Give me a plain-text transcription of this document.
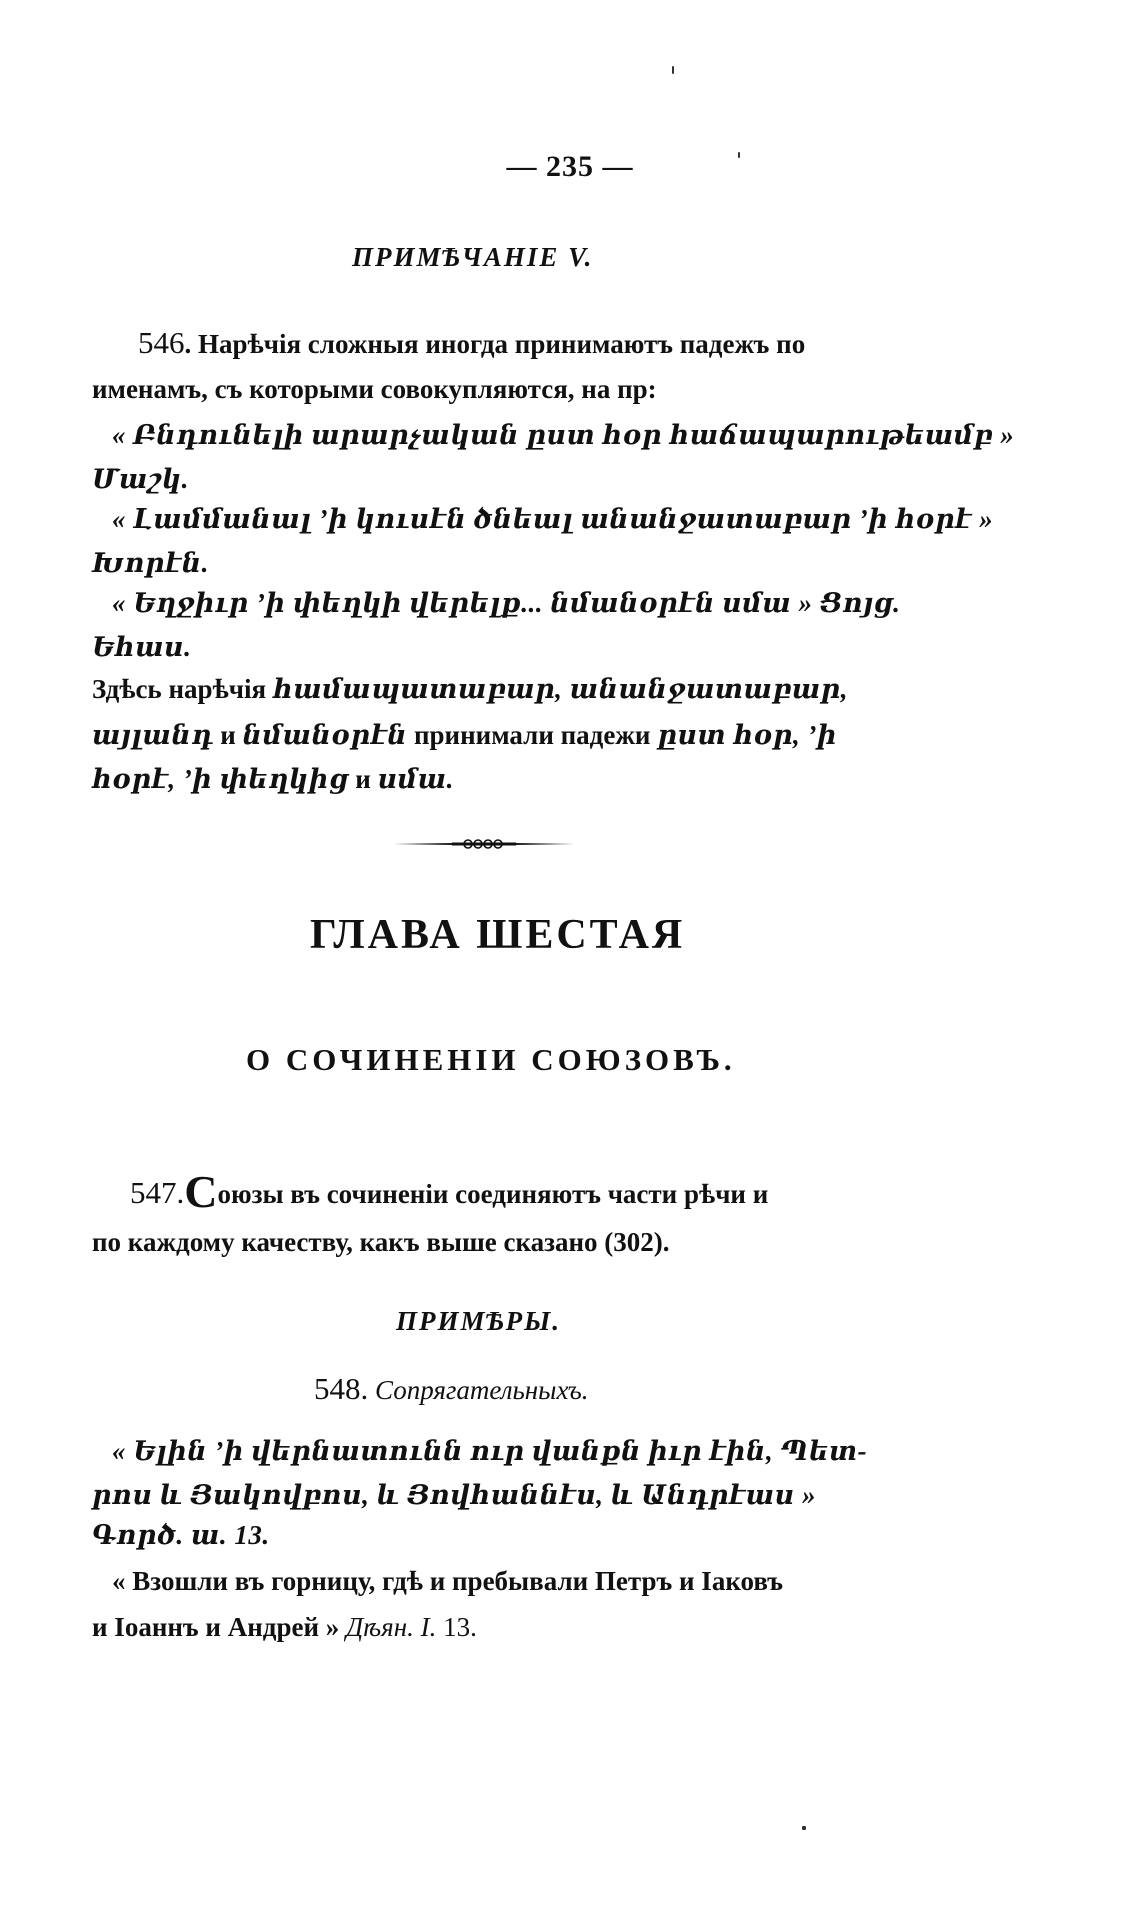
— 235 —
ПРИМѢЧАНІЕ V.
546. Нарѣчія сложныя иногда принимаютъ падежъ по
именамъ, съ которыми совокупляются, на пр:
« Բնդունելի արարչական ըստ հօր հաճապարութեամբ »
Մաշկ.
« Լամմանալ ’ի կուսէն ծնեալ անանջատաբար ’ի հօրէ »
Խորէն.
« Եղջիւր ’ի փեղկի վերելք... նմանօրէն սմա » Ցոյց.
Եհաս.
Здѣсь нарѣчія համապատաբար, անանջատաբար,
այլանդ и նմանօրէն принимали падежи ըստ հօր, ’ի
հօրէ, ’ի փեղկից и սմա.
ГЛАВА ШЕСТАЯ
О СОЧИНЕНІИ СОЮЗОВЪ.
547.Союзы въ сочиненіи соединяютъ части рѣчи и
по каждому качеству, какъ выше сказано (302).
ПРИМѢРЫ.
548. Сопрягательныхъ.
« Ելին ’ի վերնատունն ուր վանքն իւր էին, Պետ-
րոս և Յակովբոս, և Յովհաննէս, և Անդրէաս »
Գործ. ա. 13.
« Взошли въ горницу, гдѣ и пребывали Петръ и Іаковъ
и Іоаннъ и Андрей » Дѣян. І. 13.
